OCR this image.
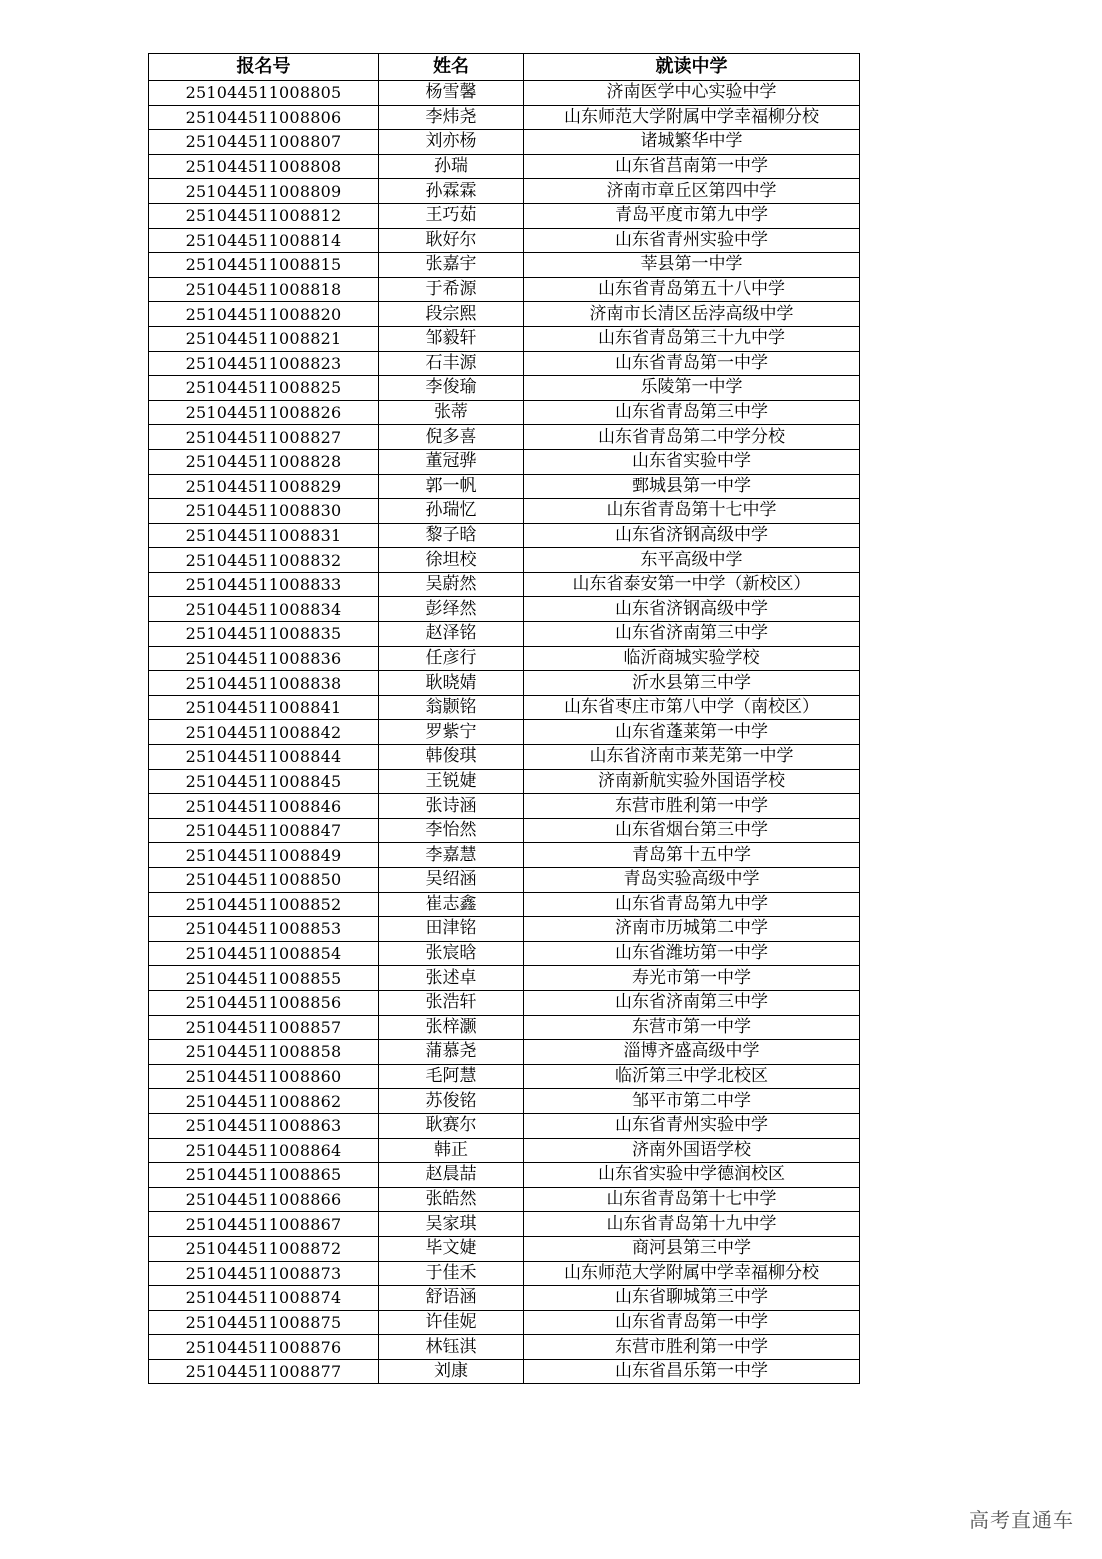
报名号	姓名	就读中学
251044511008805	杨雪馨	济南医学中心实验中学
251044511008806	李炜尧	山东师范大学附属中学幸福柳分校
251044511008807	刘亦杨	诸城繁华中学
251044511008808	孙瑞	山东省莒南第一中学
251044511008809	孙霖霖	济南市章丘区第四中学
251044511008812	王巧茹	青岛平度市第九中学
251044511008814	耿好尔	山东省青州实验中学
251044511008815	张嘉宇	莘县第一中学
251044511008818	于希源	山东省青岛第五十八中学
251044511008820	段宗熙	济南市长清区岳浡高级中学
251044511008821	邹毅轩	山东省青岛第三十九中学
251044511008823	石丰源	山东省青岛第一中学
251044511008825	李俊瑜	乐陵第一中学
251044511008826	张蒂	山东省青岛第三中学
251044511008827	倪多喜	山东省青岛第二中学分校
251044511008828	董冠骅	山东省实验中学
251044511008829	郭一帆	鄄城县第一中学
251044511008830	孙瑞忆	山东省青岛第十七中学
251044511008831	黎子晗	山东省济钢高级中学
251044511008832	徐坦校	东平高级中学
251044511008833	吴蔚然	山东省泰安第一中学（新校区）
251044511008834	彭绎然	山东省济钢高级中学
251044511008835	赵泽铭	山东省济南第三中学
251044511008836	任彦行	临沂商城实验学校
251044511008838	耿晓婧	沂水县第三中学
251044511008841	翁颢铭	山东省枣庄市第八中学（南校区）
251044511008842	罗紫宁	山东省蓬莱第一中学
251044511008844	韩俊琪	山东省济南市莱芜第一中学
251044511008845	王锐婕	济南新航实验外国语学校
251044511008846	张诗涵	东营市胜利第一中学
251044511008847	李怡然	山东省烟台第三中学
251044511008849	李嘉慧	青岛第十五中学
251044511008850	吴绍涵	青岛实验高级中学
251044511008852	崔志鑫	山东省青岛第九中学
251044511008853	田津铭	济南市历城第二中学
251044511008854	张宸晗	山东省潍坊第一中学
251044511008855	张述卓	寿光市第一中学
251044511008856	张浩轩	山东省济南第三中学
251044511008857	张梓灏	东营市第一中学
251044511008858	蒲慕尧	淄博齐盛高级中学
251044511008860	毛阿慧	临沂第三中学北校区
251044511008862	苏俊铭	邹平市第二中学
251044511008863	耿赛尔	山东省青州实验中学
251044511008864	韩正	济南外国语学校
251044511008865	赵晨喆	山东省实验中学德润校区
251044511008866	张皓然	山东省青岛第十七中学
251044511008867	吴家琪	山东省青岛第十九中学
251044511008872	毕文婕	商河县第三中学
251044511008873	于佳禾	山东师范大学附属中学幸福柳分校
251044511008874	舒语涵	山东省聊城第三中学
251044511008875	许佳妮	山东省青岛第一中学
251044511008876	林钰淇	东营市胜利第一中学
251044511008877	刘康	山东省昌乐第一中学
高考直通车
